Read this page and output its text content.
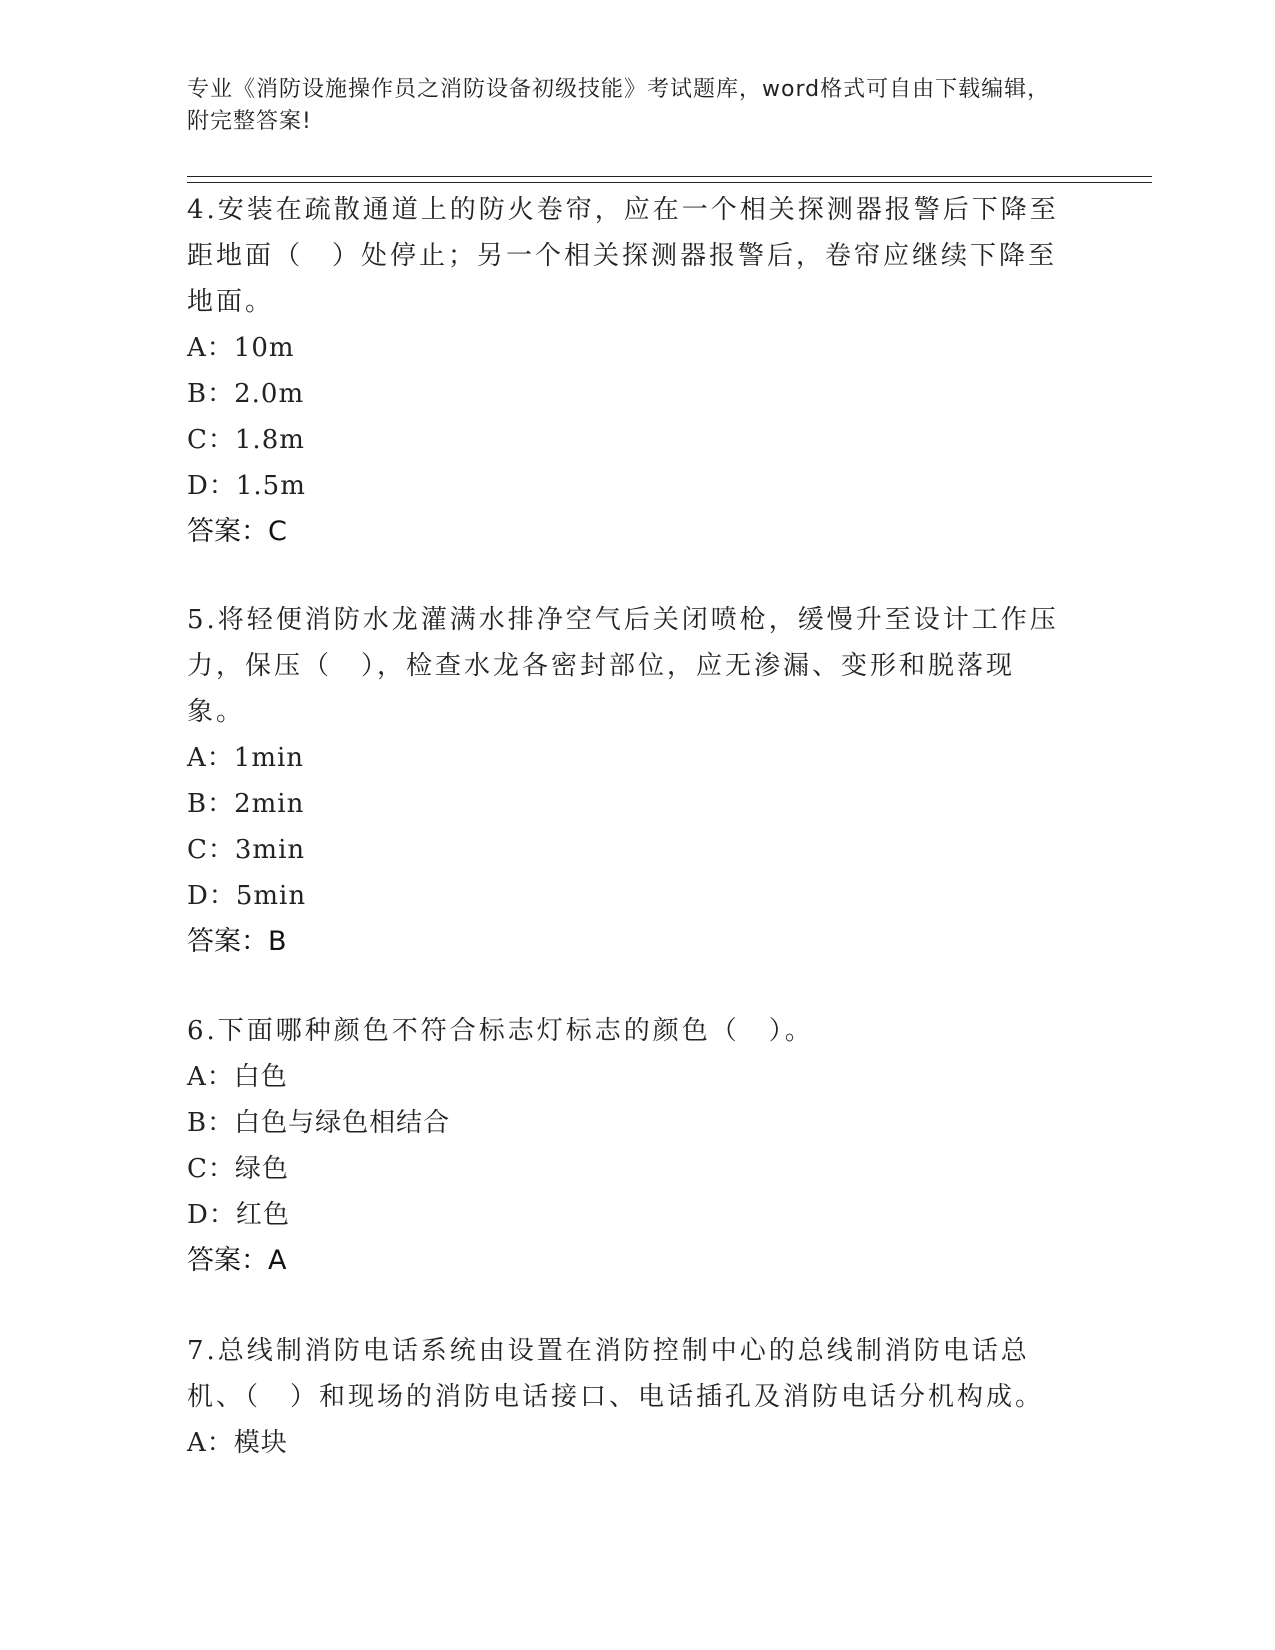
专业《消防设施操作员之消防设备初级技能》考试题库，word格式可自由下载编辑，附完整答案!

4.安装在疏散通道上的防火卷帘，应在一个相关探测器报警后下降至距地面（　）处停止；另一个相关探测器报警后，卷帘应继续下降至地面。

A：10m

B：2.0m

C：1.8m

D：1.5m

答案：C

5.将轻便消防水龙灌满水排净空气后关闭喷枪，缓慢升至设计工作压力，保压（　），检查水龙各密封部位，应无渗漏、变形和脱落现象。

A：1min

B：2min

C：3min

D：5min

答案：B

6.下面哪种颜色不符合标志灯标志的颜色（　）。

A：白色

B：白色与绿色相结合

C：绿色

D：红色

答案：A

7.总线制消防电话系统由设置在消防控制中心的总线制消防电话总机、（　）和现场的消防电话接口、电话插孔及消防电话分机构成。

A：模块
